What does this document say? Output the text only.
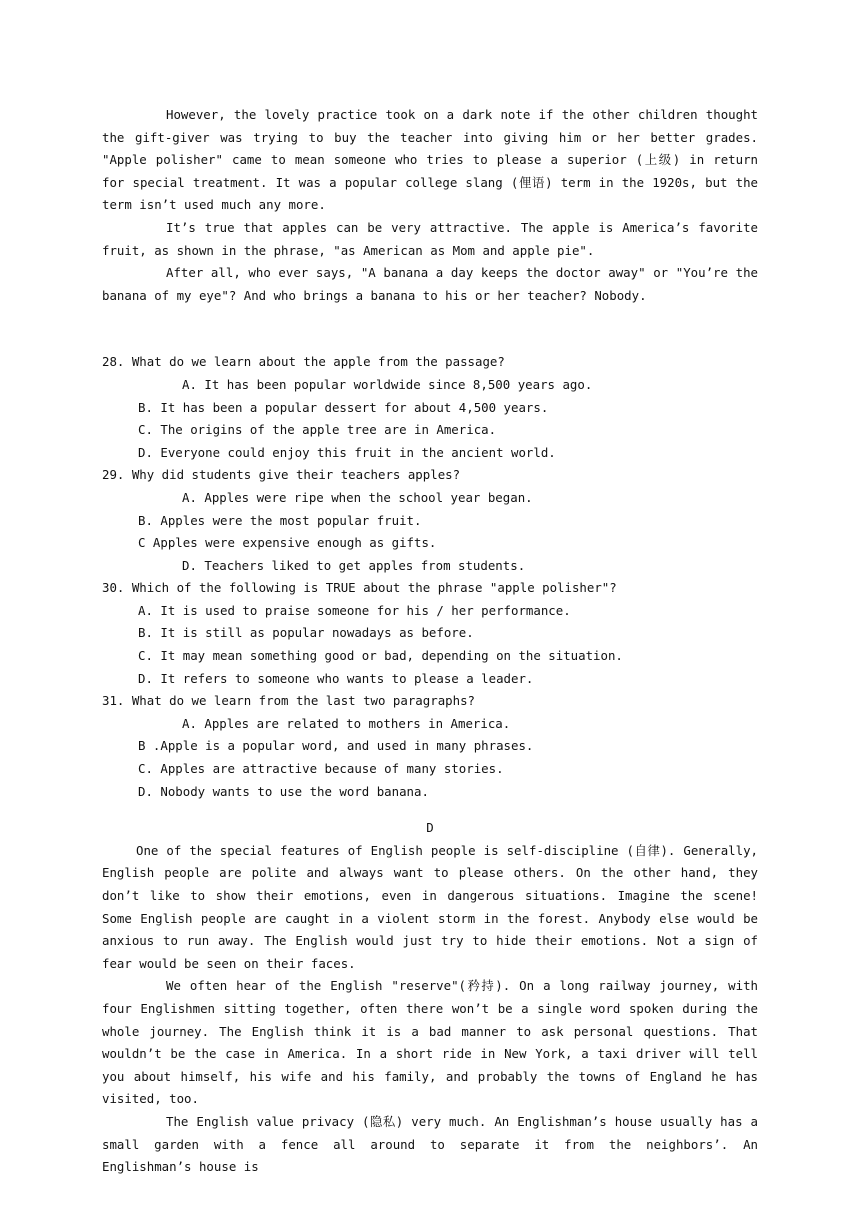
However, the lovely practice took on a dark note if the other children thought the gift-giver was trying to buy the teacher into giving him or her better grades. "Apple polisher" came to mean someone who tries to please a superior (上级) in return for special treatment. It was a popular college slang (俚语) term in the 1920s, but the term isn’t used much any more.

It’s true that apples can be very attractive. The apple is America’s favorite fruit, as shown in the phrase, "as American as Mom and apple pie".

After all, who ever says, "A banana a day keeps the doctor away" or "You’re the banana of my eye"? And who brings a banana to his or her teacher? Nobody.

28. What do we learn about the apple from the passage?

A. It has been popular worldwide since 8,500 years ago.

B. It has been a popular dessert for about 4,500 years.

C. The origins of the apple tree are in America.

D. Everyone could enjoy this fruit in the ancient world.

29. Why did students give their teachers apples?

A. Apples were ripe when the school year began.

B. Apples were the most popular fruit.

C Apples were expensive enough as gifts.

D. Teachers liked to get apples from students.

30. Which of the following is TRUE about the phrase "apple polisher"?

A. It is used to praise someone for his / her performance.

B. It is still as popular nowadays as before.

C. It may mean something good or bad, depending on the situation.

D. It refers to someone who wants to please a leader.

31. What do we learn from the last two paragraphs?

A. Apples are related to mothers in America.

B .Apple is a popular word, and used in many phrases.

C. Apples are attractive because of many stories.

D. Nobody wants to use the word banana.

D

One of the special features of English people is self-discipline (自律). Generally, English people are polite and always want to please others. On the other hand, they don’t like to show their emotions, even in dangerous situations. Imagine the scene! Some English people are caught in a violent storm in the forest. Anybody else would be anxious to run away. The English would just try to hide their emotions. Not a sign of fear would be seen on their faces.

We often hear of the English "reserve"(矜持). On a long railway journey, with four Englishmen sitting together, often there won’t be a single word spoken during the whole journey. The English think it is a bad manner to ask personal questions. That wouldn’t be the case in America. In a short ride in New York, a taxi driver will tell you about himself, his wife and his family, and probably the towns of England he has visited, too.

The English value privacy (隐私) very much. An Englishman’s house usually has a small garden with a fence all around to separate it from the neighbors’. An Englishman’s house is
